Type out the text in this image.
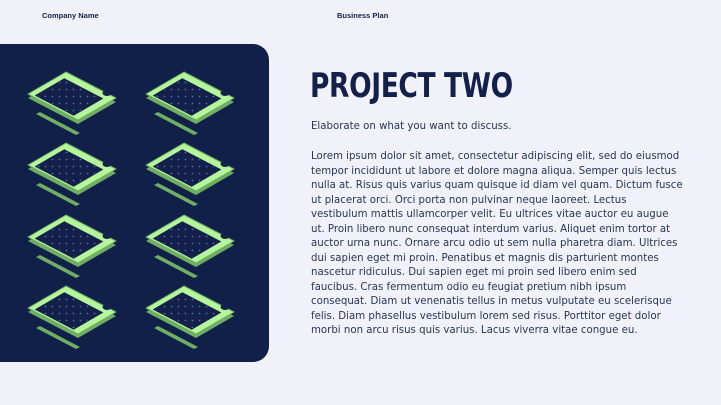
Company Name	Business Plan
PROJECT TWO

Elaborate on what you want to discuss.

Lorem ipsum dolor sit amet, consectetur adipiscing elit, sed do eiusmod tempor incididunt ut labore et dolore magna aliqua. Semper quis lectus nulla at. Risus quis varius quam quisque id diam vel quam. Dictum fusce ut placerat orci. Orci porta non pulvinar neque laoreet. Lectus vestibulum mattis ullamcorper velit. Eu ultrices vitae auctor eu augue ut. Proin libero nunc consequat interdum varius. Aliquet enim tortor at auctor urna nunc. Ornare arcu odio ut sem nulla pharetra diam. Ultrices dui sapien eget mi proin. Penatibus et magnis dis parturient montes nascetur ridiculus. Dui sapien eget mi proin sed libero enim sed faucibus. Cras fermentum odio eu feugiat pretium nibh ipsum consequat. Diam ut venenatis tellus in metus vulputate eu scelerisque felis. Diam phasellus vestibulum lorem sed risus. Porttitor eget dolor morbi non arcu risus quis varius. Lacus viverra vitae congue eu.
